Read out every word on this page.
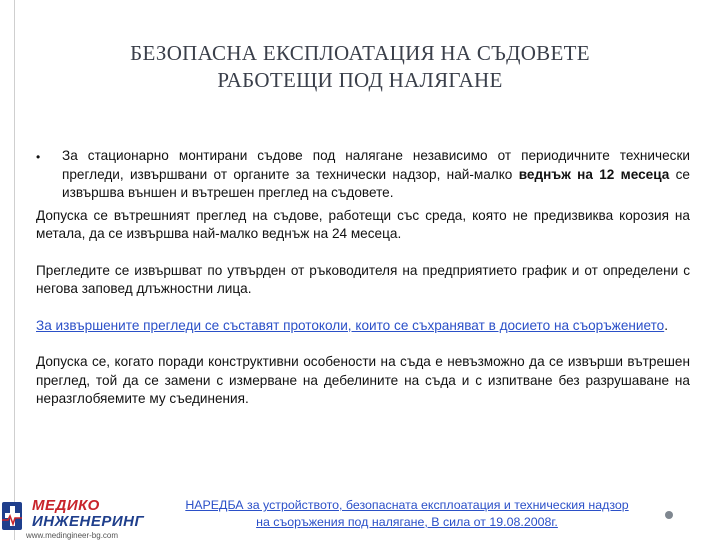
БЕЗОПАСНА ЕКСПЛОАТАЦИЯ НА СЪДОВЕТЕ
РАБОТЕЩИ ПОД НАЛЯГАНЕ
•	За стационарно монтирани съдове под налягане независимо от периодичните технически прегледи, извършвани от органите за технически надзор, най-малко веднъж на 12 месеца се извършва външен и вътрешен преглед на съдовете.

Допуска се вътрешният преглед на съдове, работещи със среда, която не предизвиква корозия на метала, да се извършва най-малко веднъж на 24 месеца.

Прегледите се извършват по утвърден от ръководителя на предприятието график и от определени с негова заповед длъжностни лица.

За извършените прегледи се съставят протоколи, които се съхраняват в досието на съоръжението.

Допуска се, когато поради конструктивни особености на съда е невъзможно да се извърши вътрешен преглед, той да се замени с измерване на дебелините на съда и с изпитване без разрушаване на неразглобяемите му съединения.

МЕДИКО
ИНЖЕНЕРИНГ
www.medingineer-bg.com
НАРЕДБА за устройството, безопасната експлоатация и техническия надзор
на съоръжения под налягане, В сила от 19.08.2008г.
